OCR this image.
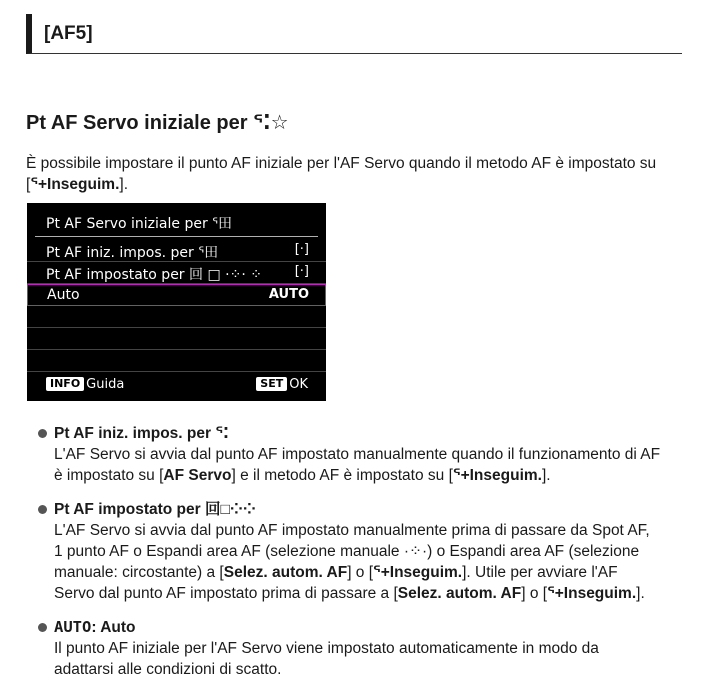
[AF5]
Pt AF Servo iniziale per ᕐ⁚☆
È possibile impostare il punto AF iniziale per l'AF Servo quando il metodo AF è impostato su
[ᕐ+Inseguim.].
Pt AF Servo iniziale per ᕐ田
Pt AF iniz. impos. per ᕐ田	[·]
Pt AF impostato per 回 □ ·⁘· ⁘	[·]
Auto	AUTO
INFO Guida	SET OK
Pt AF iniz. impos. per ᕐ⁚
L'AF Servo si avvia dal punto AF impostato manualmente quando il funzionamento di AF
è impostato su [AF Servo] e il metodo AF è impostato su [ᕐ+Inseguim.].
Pt AF impostato per 回□⁘⁘
L'AF Servo si avvia dal punto AF impostato manualmente prima di passare da Spot AF,
1 punto AF o Espandi area AF (selezione manuale ·⁘·) o Espandi area AF (selezione
manuale: circostante) a [Selez. autom. AF] o [ᕐ+Inseguim.]. Utile per avviare l'AF
Servo dal punto AF impostato prima di passare a [Selez. autom. AF] o [ᕐ+Inseguim.].
AUTO: Auto
Il punto AF iniziale per l'AF Servo viene impostato automaticamente in modo da
adattarsi alle condizioni di scatto.
